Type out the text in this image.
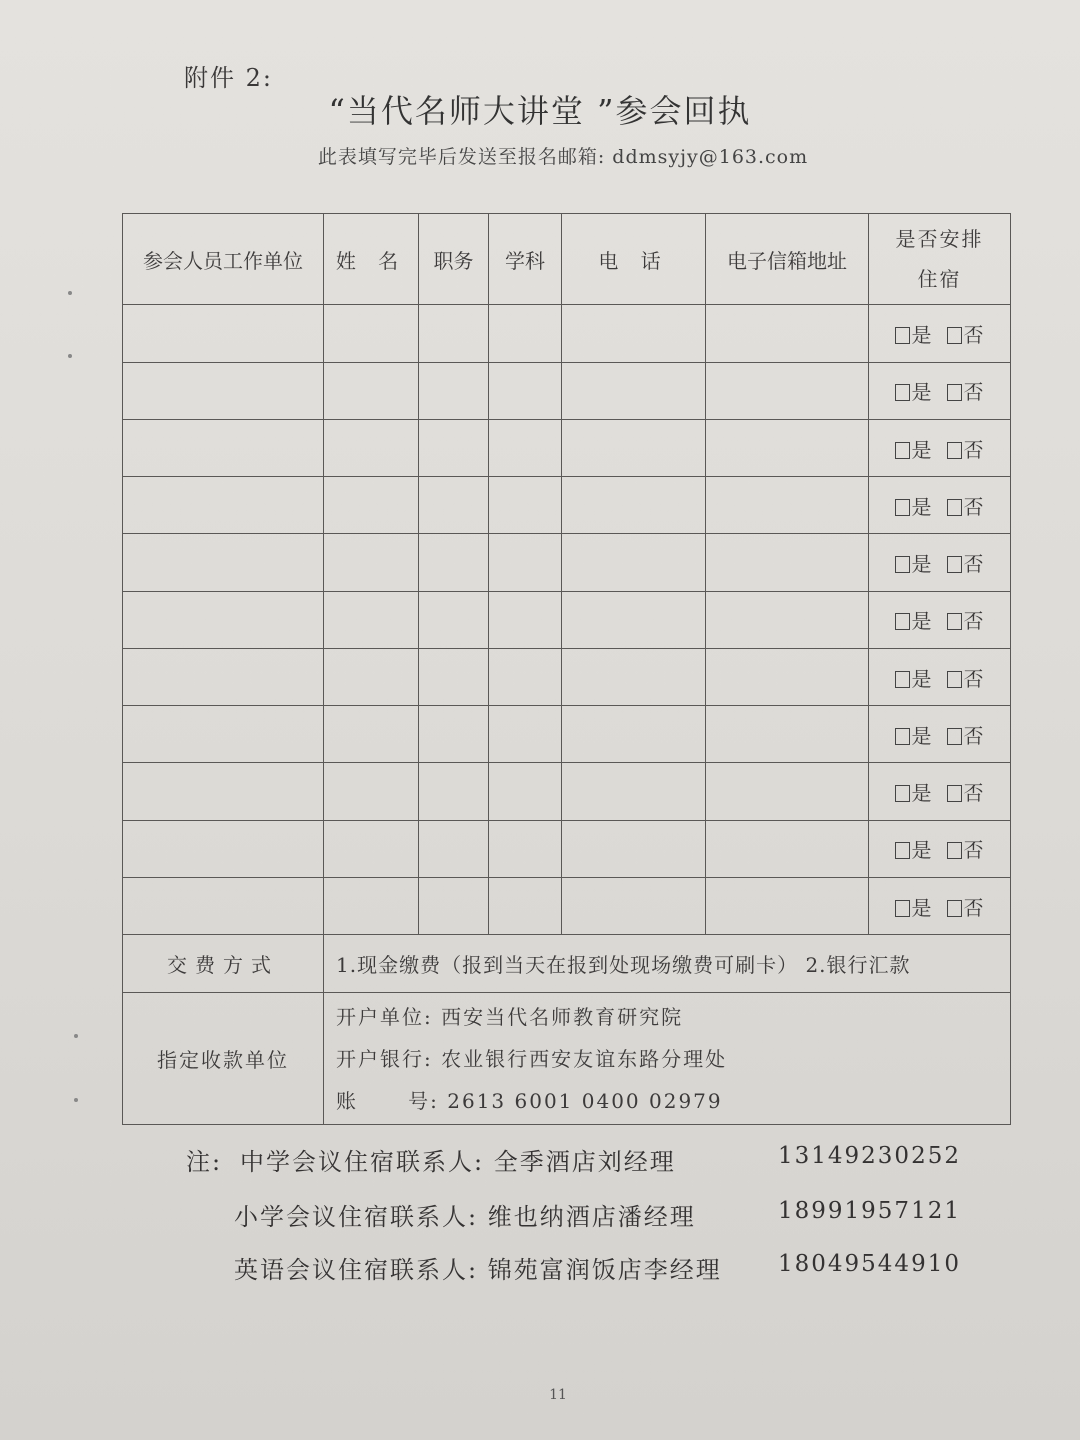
附件 2:
“当代名师大讲堂 ”参会回执
此表填写完毕后发送至报名邮箱: ddmsyjy@163.com
参会人员工作单位	姓 名	职务	学科	电 话	电子信箱地址	是否安排
住宿

						是 否
						是 否
						是 否
						是 否
						是 否
						是 否
						是 否
						是 否
						是 否
						是 否
						是 否
交费方式	1.现金缴费（报到当天在报到处现场缴费可刷卡） 2.银行汇款					
指定收款单位	开户单位: 西安当代名师教育研究院
开户银行: 农业银行西安友谊东路分理处
账      号: 2613 6001 0400 02979					
注: 中学会议住宿联系人: 全季酒店刘经理	13149230252
小学会议住宿联系人: 维也纳酒店潘经理	18991957121
英语会议住宿联系人: 锦苑富润饭店李经理 18049544910
11
